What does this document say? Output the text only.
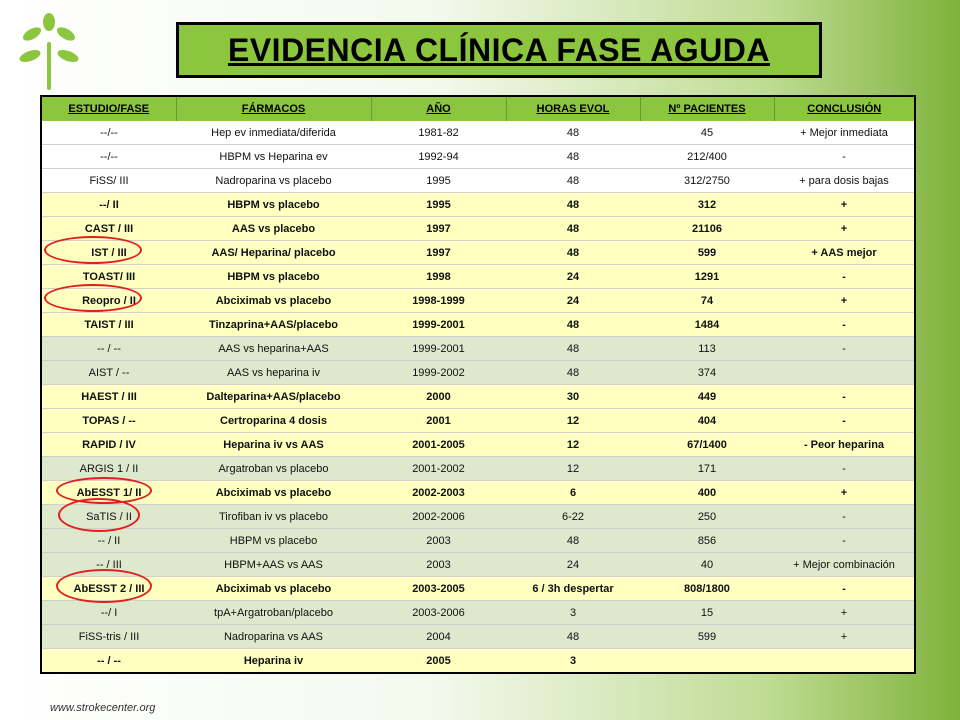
EVIDENCIA CLÍNICA FASE AGUDA
ESTUDIO/FASE	FÁRMACOS	AÑO	HORAS EVOL	Nº PACIENTES	CONCLUSIÓN
--/--	Hep ev inmediata/diferida	1981-82	48	45	+ Mejor inmediata
--/--	HBPM vs Heparina ev	1992-94	48	212/400	-
FiSS/ III	Nadroparina vs placebo	1995	48	312/2750	+ para dosis bajas
--/ II	HBPM vs placebo	1995	48	312	+
CAST / III	AAS vs placebo	1997	48	21106	+
IST / III	AAS/ Heparina/ placebo	1997	48	599	+ AAS mejor
TOAST/ III	HBPM vs placebo	1998	24	1291	-
Reopro / II	Abciximab vs placebo	1998-1999	24	74	+
TAIST / III	Tinzaprina+AAS/placebo	1999-2001	48	1484	-
-- / --	AAS vs heparina+AAS	1999-2001	48	113	-
AIST / --	AAS vs heparina iv	1999-2002	48	374	
HAEST / III	Dalteparina+AAS/placebo	2000	30	449	-
TOPAS / --	Certroparina 4 dosis	2001	12	404	-
RAPID / IV	Heparina iv vs AAS	2001-2005	12	67/1400	- Peor heparina
ARGIS 1 / II	Argatroban vs placebo	2001-2002	12	171	-
AbESST 1/ II	Abciximab vs placebo	2002-2003	6	400	+
SaTIS / II	Tirofiban iv vs placebo	2002-2006	6-22	250	-
-- / II	HBPM vs placebo	2003	48	856	-
-- / III	HBPM+AAS vs AAS	2003	24	40	+ Mejor combinación
AbESST 2 / III	Abciximab vs placebo	2003-2005	6 / 3h despertar	808/1800	-
--/ I	tpA+Argatroban/placebo	2003-2006	3	15	+
FiSS-tris / III	Nadroparina vs AAS	2004	48	599	+
-- / --	Heparina iv	2005	3		
www.strokecenter.org
